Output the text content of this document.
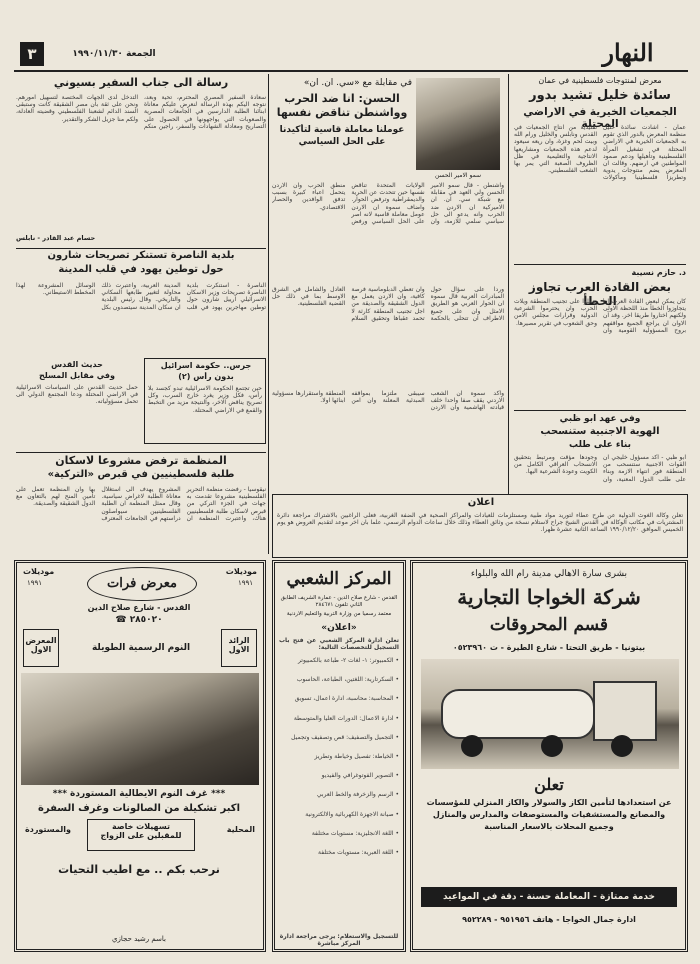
النهار
الجمعة ١٩٩٠/١١/٣٠
٣
معرض لمنتوجات فلسطينية في عمان
سائدة خليل تشيد بدور
الجمعيات الخيرية في الاراضي المحتلة
عمان - اشادت سائدة خليل منظمة المعرض بالدور الذي تقوم به الجمعيات الخيرية في الاراضي المحتلة في تشغيل المرأة الفلسطينية وتأهيلها ودعم صمود المواطنين في ارضهم. وقالت ان المعرض يضم منتوجات يدوية وتطريزا فلسطينيا ومأكولات تقليدية من انتاج الجمعيات في القدس ونابلس والخليل ورام الله وبيت لحم وغزة، وان ريعه سيعود لدعم هذه الجمعيات ومشاريعها الانتاجية والتعليمية في ظل الظروف الصعبة التي يمر بها الشعب الفلسطيني.
د. حازم نسيبة
بعض القادة العرب تجاوز الخطأ
كان يمكن لبعض القادة العرب ان يتجاوزوا الخطأ منذ اللحظة الاولى ولكنهم اختاروا طريقا اخر. وقد آن الاوان ان يراجع الجميع مواقفهم بروح المسؤولية القومية وان يعملوا على تجنيب المنطقة ويلات الحرب وان يحترموا الشرعية الدولية وقرارات مجلس الامن وحق الشعوب في تقرير مصيرها.
وفي عهد ابو ظبي
الهوية الاجنبية ستنسحب
بناء على طلب
ابو ظبي - اكد مسؤول خليجي ان القوات الاجنبية ستنسحب من المنطقة فور انتهاء الازمة وبناء على طلب الدول المعنية، وان وجودها مؤقت ومرتبط بتحقيق الانسحاب العراقي الكامل من الكويت وعودة الشرعية اليها.
في مقابلة مع «سي. ان. ان»
الحسن: انا ضد الحرب وواشنطن تناقض نفسها
عوملنا معاملة قاسية لتأكيدنا على الحل السياسي
سمو الامير الحسن
واشنطن - قال سمو الامير الحسن ولي العهد في مقابلة مع شبكة سي. ان. ان الاميركية ان الاردن ضد الحرب وانه يدعو الى حل سياسي سلمي للازمة، وان الولايات المتحدة تناقض نفسها حين تتحدث عن الحرية والديمقراطية وترفض الحوار. واضاف سموه ان الاردن عومل معاملة قاسية لانه اصر على الحل السياسي ورفض منطق الحرب وان الاردن يتحمل اعباء كبيرة بسبب تدفق الوافدين والحصار الاقتصادي.
وردا على سؤال حول المبادرات العربية قال سموه ان الحوار العربي هو الطريق الامثل وان على جميع الاطراف ان تتحلى بالحكمة وان تعطي الدبلوماسية فرصة كافية، وان الاردن يعمل مع الدول الشقيقة والصديقة من اجل تجنيب المنطقة كارثة لا تحمد عقباها وتحقيق السلام العادل والشامل في الشرق الاوسط بما في ذلك حل القضية الفلسطينية.
واكد سموه ان الشعب الاردني يقف صفا واحدا خلف قيادته الهاشمية وان الاردن سيبقى ملتزما بمواقفه المبدئية المعلنة وان امن المنطقة واستقرارها مسؤولية ابنائها اولا.
بلدية الناصرة تستنكر تصريحات شارون
حول توطين يهود في قلب المدينة
الناصرة - استنكرت بلدية الناصرة تصريحات وزير الاسكان الاسرائيلي ارييل شارون حول توطين مهاجرين يهود في قلب المدينة العربية، واعتبرت ذلك محاولة لتغيير طابعها السكاني والتاريخي. وقال رئيس البلدية ان سكان المدينة سيتصدون بكل الوسائل المشروعة لهذا المخطط الاستيطاني.
جرس.. حكومة اسرائيل
بدون رأس (٢)
حين تجتمع الحكومة الاسرائيلية تبدو كجسد بلا رأس، فكل وزير يغرد خارج السرب، وكل تصريح يناقض الاخر، والنتيجة مزيد من التخبط والقمع في الاراضي المحتلة.
حديث القدس
وفي مقابل المسلح
حمل حديث القدس على السياسات الاسرائيلية في الاراضي المحتلة ودعا المجتمع الدولي الى تحمل مسؤولياته.
رسالة الى جناب السفير بسيوني
سعادة السفير المصري المحترم، تحية وبعد، نتوجه اليكم بهذه الرسالة لنعرض عليكم معاناة ابنائنا الطلبة الدارسين في الجامعات المصرية والصعوبات التي يواجهونها في الحصول على التصاريح ومعادلة الشهادات والسفر، راجين منكم التدخل لدى الجهات المختصة لتسهيل امورهم. ونحن على ثقة بان مصر الشقيقة كانت وستبقى السند الدائم لشعبنا الفلسطيني وقضيته العادلة، ولكم منا جزيل الشكر والتقدير.
حسام عبد القادر - نابلس
المنظمة ترفض مشروعا لاسكان
طلبة فلسطينيين في قبرص «التركية»
نيقوسيا - رفضت منظمة التحرير الفلسطينية مشروعا تقدمت به جهات في الجزء التركي من قبرص لاسكان طلبة فلسطينيين هناك، واعتبرت المنظمة ان المشروع يهدف الى استغلال معاناة الطلبة لاغراض سياسية. وقال ممثل المنظمة ان الطلبة الفلسطينيين سيواصلون دراستهم في الجامعات المعترف بها وان المنظمة تعمل على تأمين المنح لهم بالتعاون مع الدول الشقيقة والصديقة.	اعلان
تعلن وكالة الغوث الدولية عن طرح عطاء لتوريد مواد طبية ومستلزمات للعيادات والمراكز الصحية في الضفة الغربية، فعلى الراغبين بالاشتراك مراجعة دائرة المشتريات في مكاتب الوكالة في القدس الشيخ جراح لاستلام نسخة من وثائق العطاء وذلك خلال ساعات الدوام الرسمي، علما بان اخر موعد لتقديم العروض هو يوم الخميس الموافق ١٩٩٠/١٢/٢٠ الساعة الثانية عشرة ظهرا.
موديلات
موديلات
١٩٩١
١٩٩١	معرض فرات
القدس - شارع صلاح الدين
٢٨٥٠٢٠ ☎
الرائد الاول
المعرض الاول	النوم الرسمية الطويلة
*** غرف النوم الايطالية المستوردة ***
اكبر تشكيلة من الصالونات وغرف السفرة
المحلية
والمستوردة	تسهيلات خاصة
للمقبلين على الزواج
نرحب بكم .. مع اطيب التحيات
باسم رشيد حجازي
المركز الشعبي
القدس - شارع صلاح الدين - عمارة الشريف الطابق الثاني تلفون ٢٨٤٦٧١
معتمد رسميا من وزارة التربية والتعليم الاردنية
«اعلان»
تعلن ادارة المركز الشعبي عن فتح باب التسجيل للتخصصات التالية:
• الكمبيوتر: ١- لغات ٢- طباعة بالكمبيوتر
• السكرتارية: اللغتين، الطباعة، الحاسوب
• المحاسبة: محاسبة، ادارة اعمال، تسويق
• ادارة الاعمال: الدورات العليا والمتوسطة
• التجميل والتصفيف: قص وتصفيف وتجميل
• الخياطة: تفصيل وخياطة وتطريز
• التصوير الفوتوغرافي والفيديو
• الرسم والزخرفة والخط العربي
• صيانة الاجهزة الكهربائية والالكترونية
• اللغة الانجليزية: مستويات مختلفة
• اللغة العبرية: مستويات مختلفة
للتسجيل والاستعلام: يرجى مراجعة ادارة المركز مباشرة
بشرى سارة الاهالي مدينة رام الله والبلواء
شركة الخواجا التجارية
قسم المحروقات
بيتونيا - طريق التحتا - شارع الطيرة - ت ٠٥٢٣٩٦٠
تعلن
عن استعدادها لتأمين الكاز والسولار والكاز المنزلي للمؤسسات والمصانع والمستشفيات والمستوصفات والمدارس والمنازل وجميع المحلات بالاسعار المناسبة
خدمة ممتازة - المعاملة حسنة - دقة في المواعيد
ادارة جمال الخواجا - هاتف ٩٥١٩٥٦ - ٩٥٢٢٨٩
